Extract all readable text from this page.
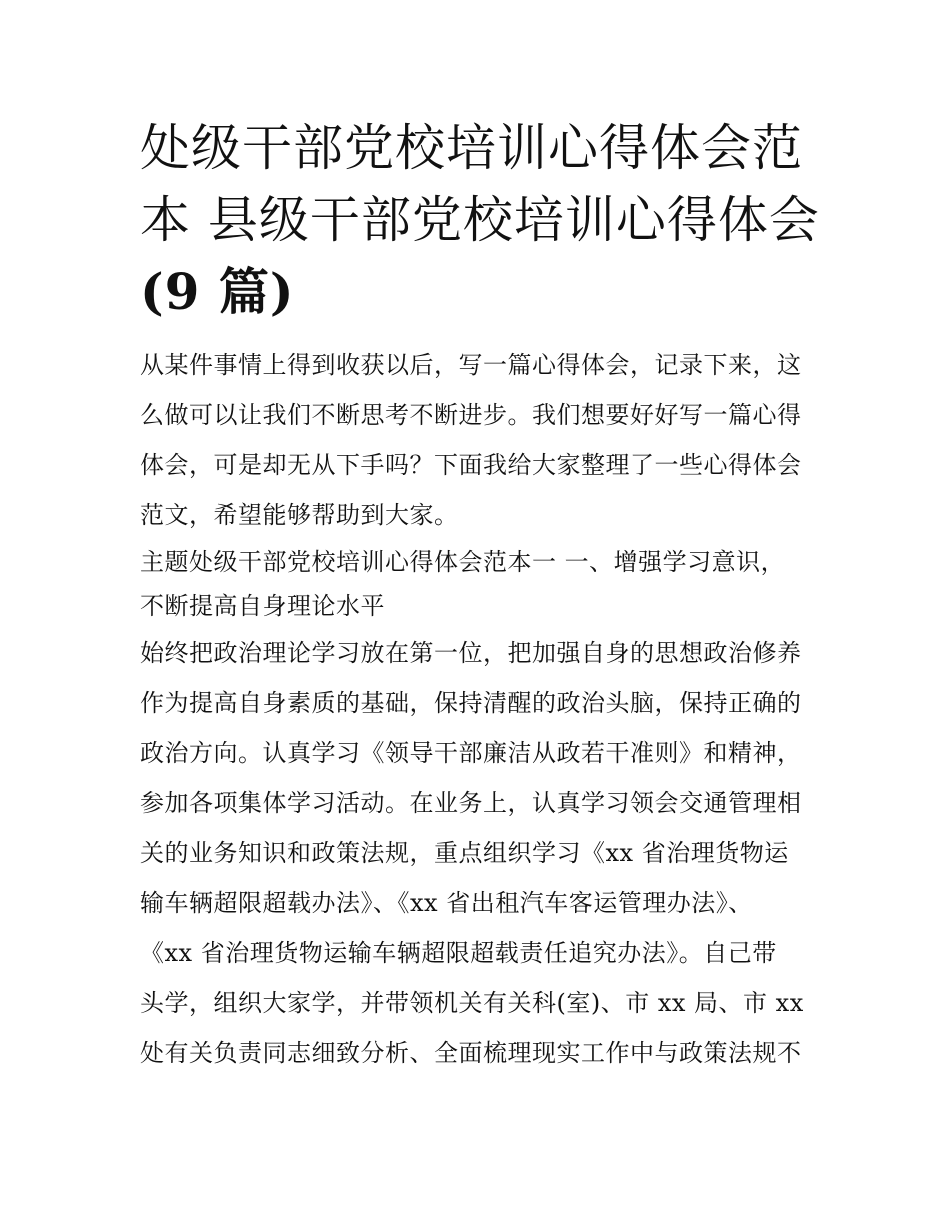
处级干部党校培训心得体会范
本 县级干部党校培训心得体会
(9 篇)

从某件事情上得到收获以后，写一篇心得体会，记录下来，这
么做可以让我们不断思考不断进步。我们想要好好写一篇心得
体会，可是却无从下手吗？下面我给大家整理了一些心得体会
范文，希望能够帮助到大家。

主题处级干部党校培训心得体会范本一 一、增强学习意识，
不断提高自身理论水平

始终把政治理论学习放在第一位，把加强自身的思想政治修养
作为提高自身素质的基础，保持清醒的政治头脑，保持正确的
政治方向。认真学习《领导干部廉洁从政若干准则》和精神，
参加各项集体学习活动。在业务上，认真学习领会交通管理相
关的业务知识和政策法规，重点组织学习《xx 省治理货物运
输车辆超限超载办法》、《xx 省出租汽车客运管理办法》、
《xx 省治理货物运输车辆超限超载责任追究办法》。自己带
头学，组织大家学，并带领机关有关科(室)、市 xx 局、市 xx
处有关负责同志细致分析、全面梳理现实工作中与政策法规不
